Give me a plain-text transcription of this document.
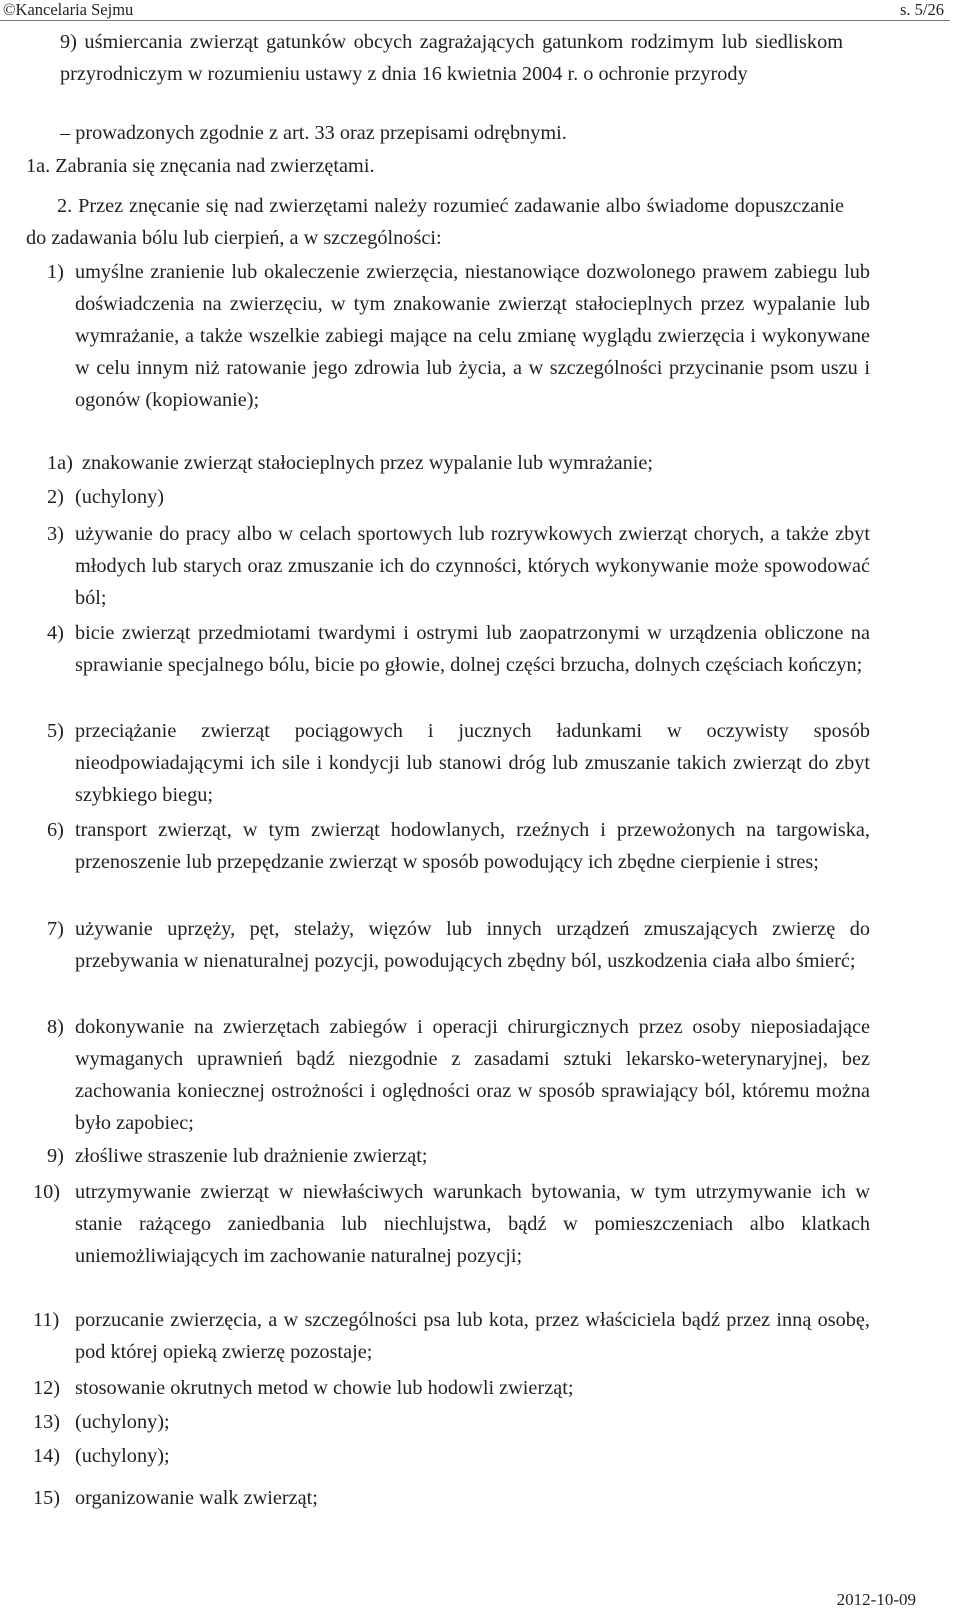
©Kancelaria Sejmu	s. 5/26
9) uśmiercania zwierząt gatunków obcych zagrażających gatunkom rodzimym lub siedliskom przyrodniczym w rozumieniu ustawy z dnia 16 kwietnia 2004 r. o ochronie przyrody
– prowadzonych zgodnie z art. 33 oraz przepisami odrębnymi.
1a. Zabrania się znęcania nad zwierzętami.
2. Przez znęcanie się nad zwierzętami należy rozumieć zadawanie albo świadome dopuszczanie do zadawania bólu lub cierpień, a w szczególności:
1) umyślne zranienie lub okaleczenie zwierzęcia, niestanowiące dozwolonego prawem zabiegu lub doświadczenia na zwierzęciu, w tym znakowanie zwierząt stałocieplnych przez wypalanie lub wymrażanie, a także wszelkie zabiegi mające na celu zmianę wyglądu zwierzęcia i wykonywane w celu innym niż ratowanie jego zdrowia lub życia, a w szczególności przycinanie psom uszu i ogonów (kopiowanie);
1a) znakowanie zwierząt stałocieplnych przez wypalanie lub wymrażanie;
2) (uchylony)
3) używanie do pracy albo w celach sportowych lub rozrywkowych zwierząt chorych, a także zbyt młodych lub starych oraz zmuszanie ich do czynności, których wykonywanie może spowodować ból;
4) bicie zwierząt przedmiotami twardymi i ostrymi lub zaopatrzonymi w urządzenia obliczone na sprawianie specjalnego bólu, bicie po głowie, dolnej części brzucha, dolnych częściach kończyn;
5) przeciążanie zwierząt pociągowych i jucznych ładunkami w oczywisty sposób nieodpowiadającymi ich sile i kondycji lub stanowi dróg lub zmuszanie takich zwierząt do zbyt szybkiego biegu;
6) transport zwierząt, w tym zwierząt hodowlanych, rzeźnych i przewożonych na targowiska, przenoszenie lub przepędzanie zwierząt w sposób powodujący ich zbędne cierpienie i stres;
7) używanie uprzęży, pęt, stelaży, więzów lub innych urządzeń zmuszających zwierzę do przebywania w nienaturalnej pozycji, powodujących zbędny ból, uszkodzenia ciała albo śmierć;
8) dokonywanie na zwierzętach zabiegów i operacji chirurgicznych przez osoby nieposiadające wymaganych uprawnień bądź niezgodnie z zasadami sztuki lekarsko-weterynaryjnej, bez zachowania koniecznej ostrożności i oględności oraz w sposób sprawiający ból, któremu można było zapobiec;
9) złośliwe straszenie lub drażnienie zwierząt;
10) utrzymywanie zwierząt w niewłaściwych warunkach bytowania, w tym utrzymywanie ich w stanie rażącego zaniedbania lub niechlujstwa, bądź w pomieszczeniach albo klatkach uniemożliwiających im zachowanie naturalnej pozycji;
11) porzucanie zwierzęcia, a w szczególności psa lub kota, przez właściciela bądź przez inną osobę, pod której opieką zwierzę pozostaje;
12) stosowanie okrutnych metod w chowie lub hodowli zwierząt;
13) (uchylony);
14) (uchylony);
15) organizowanie walk zwierząt;
2012-10-09
